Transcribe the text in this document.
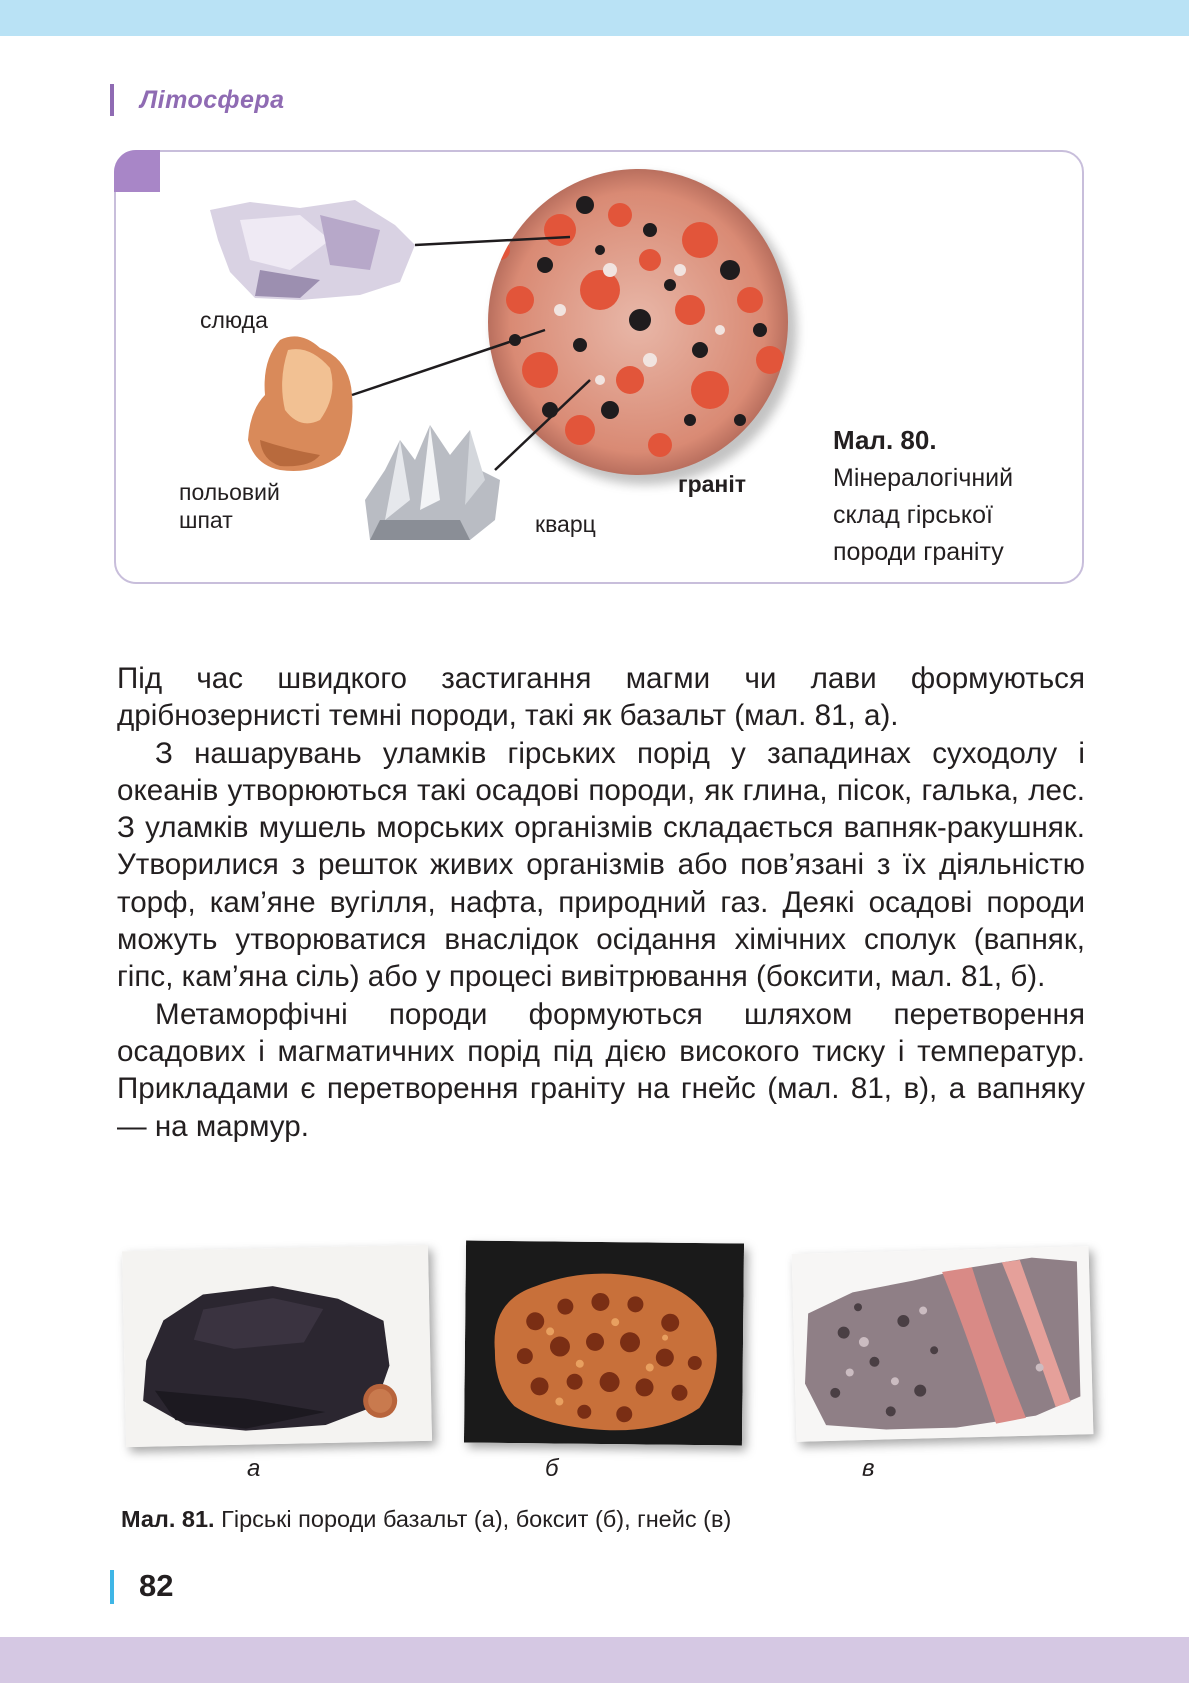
Літосфера
слюда
польовий
шпат	кварц
граніт
Мал. 80.
Мінералогічний склад гірської породи граніту

Під час швидкого застигання магми чи лави формуються дрібнозернисті темні породи, такі як базальт (мал. 81, а).

З нашарувань уламків гірських порід у западинах суходолу і океанів утворюються такі осадові породи, як глина, пісок, галька, лес. З уламків мушель морських організмів складається вапняк-ракушняк. Утворилися з решток живих організмів або пов’язані з їх діяльністю торф, кам’яне вугілля, нафта, природний газ. Деякі осадові породи можуть утворюватися внаслідок осідання хімічних сполук (вапняк, гіпс, кам’яна сіль) або у процесі вивітрювання (боксити, мал. 81, б).

Метаморфічні породи формуються шляхом перетворення осадових і магматичних порід під дією високого тиску і температур. Прикладами є перетворення граніту на гнейс (мал. 81, в), а вапняку — на мармур.

а	б	в
Мал. 81. Гірські породи базальт (а), боксит (б), гнейс (в)
82
